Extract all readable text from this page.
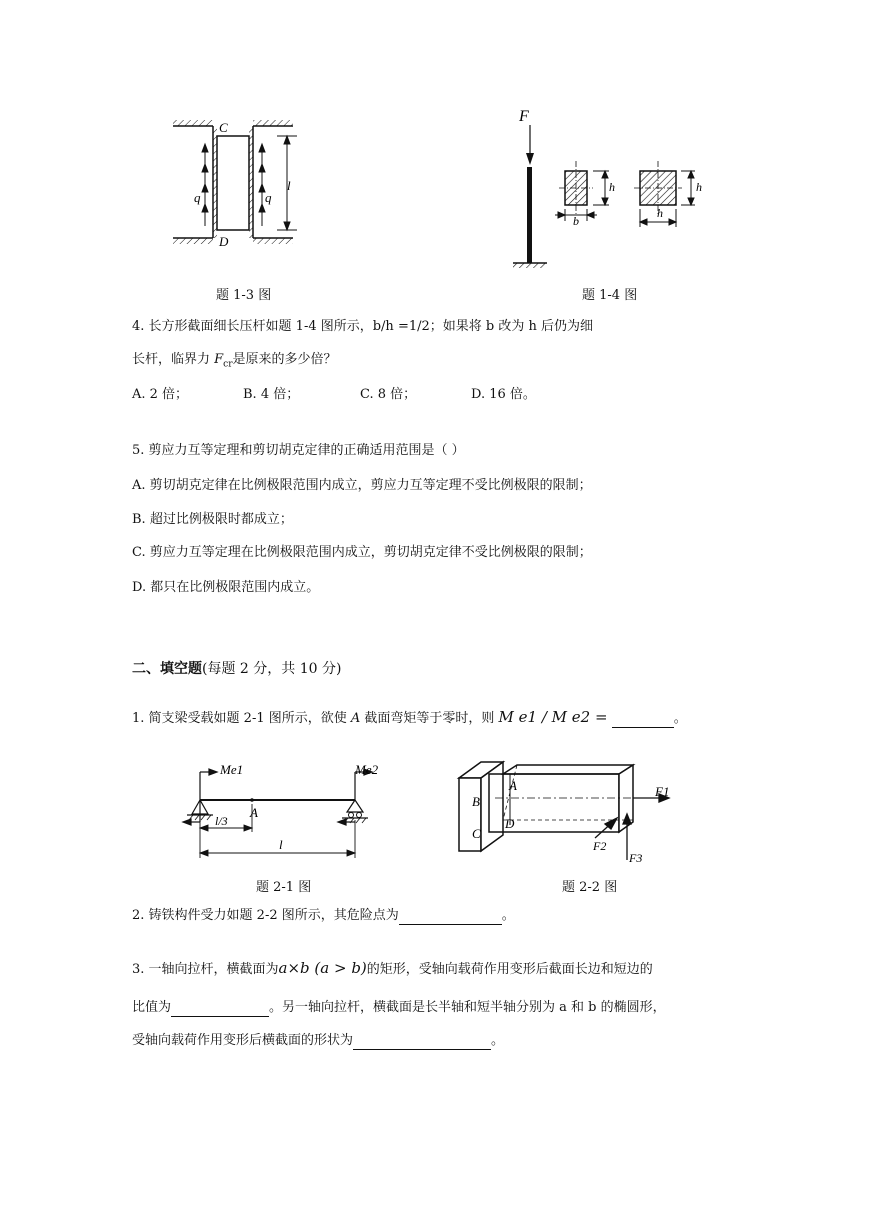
C
D
q	q
l
题 1-3 图
F
h
b
h
h
题 1-4 图
4. 长方形截面细长压杆如题 1-4 图所示，b/h =1/2；如果将 b 改为 h 后仍为细
长杆，临界力 $F_{cr}$是原来的多少倍？
A. 2 倍；	B. 4 倍；	C. 8 倍；	D. 16 倍。
5. 剪应力互等定理和剪切胡克定律的正确适用范围是（ ）
A. 剪切胡克定律在比例极限范围内成立，剪应力互等定理不受比例极限的限制；
B. 超过比例极限时都成立；
C. 剪应力互等定理在比例极限范围内成立，剪切胡克定律不受比例极限的限制；
D. 都只在比例极限范围内成立。
二、填空题(每题 2 分，共 10 分)
1. 简支梁受载如题 2-1 图所示，欲使 A 截面弯矩等于零时，则 M e1 / M e2 =	。
Me1	Me2
A
l/3
l
题 2-1 图
A
B
C
D
F1
F2
F3
题 2-2 图
2. 铸铁构件受力如题 2-2 图所示，其危险点为	。
3. 一轴向拉杆，横截面为a×b (a > b)的矩形，受轴向载荷作用变形后截面长边和短边的
比值为	。另一轴向拉杆，横截面是长半轴和短半轴分别为 a 和 b 的椭圆形，
受轴向载荷作用变形后横截面的形状为	。
